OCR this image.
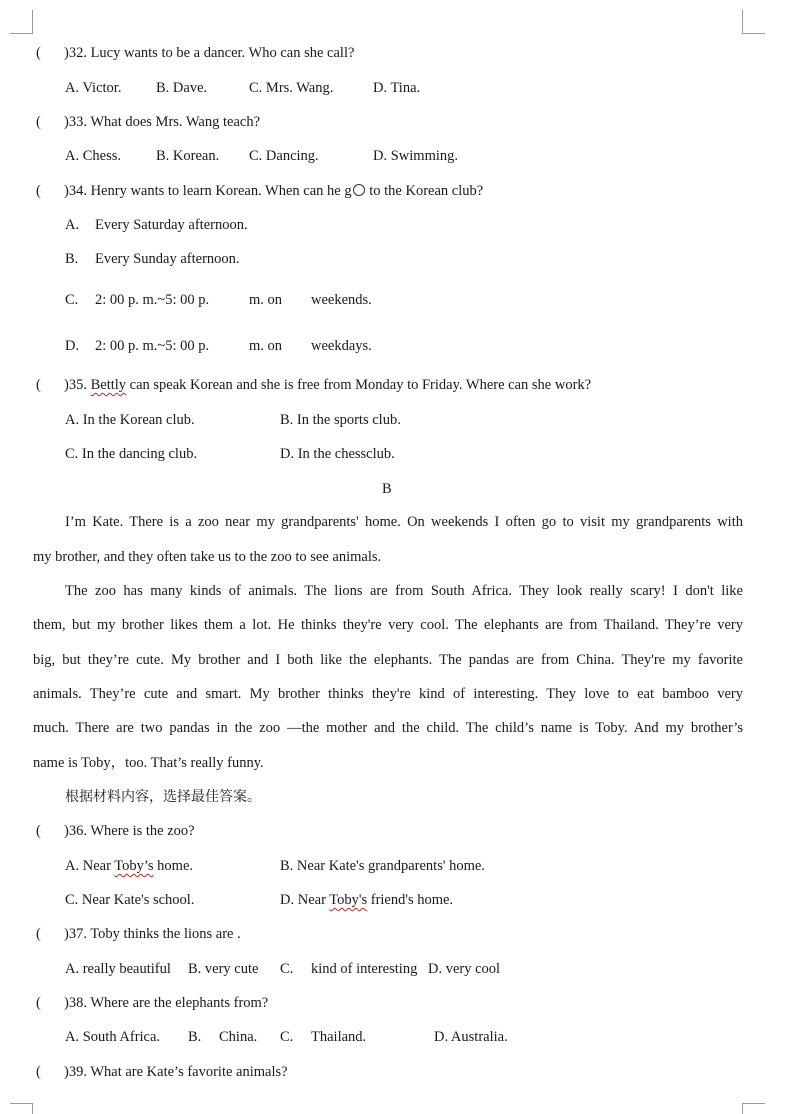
( )32. Lucy wants to be a dancer. Who can she call?
A. Victor. B. Dave.	C. Mrs. Wang.	D. Tina.
( )33. What does Mrs. Wang teach?
A. Chess. B. Korean. C. Dancing.	D. Swimming.
( )34. Henry wants to learn Korean. When can he g○ to the Korean club?
A. Every Saturday afternoon.
B. Every Sunday afternoon.
C. 2: 00 p. m.~5: 00 p.	m. on weekends.
D. 2: 00 p. m.~5: 00 p.	m. on weekdays.
( )35. Bettly can speak Korean and she is free from Monday to Friday. Where can she work?
A. In the Korean club.	B. In the sports club.
C. In the dancing club.	D. In the chessclub.
B
I’m Kate. There is a zoo near my grandparents' home. On weekends I often go to visit my grandparents with
my brother, and they often take us to the zoo to see animals.
The zoo has many kinds of animals. The lions are from South Africa. They look really scary! I don't like
them, but my brother likes them a lot. He thinks they're very cool. The elephants are from Thailand. They’re very
big, but they’re cute. My brother and I both like the elephants. The pandas are from China. They're my favorite
animals. They’re cute and smart. My brother thinks they're kind of interesting. They love to eat bamboo very
much. There are two pandas in the zoo —the mother and the child. The child’s name is Toby. And my brother’s
name is Toby，too. That’s really funny.
根据材料内容，选择最佳答案。
( )36. Where is the zoo?
A. Near Toby’s home.	B. Near Kate's grandparents' home.
C. Near Kate's school.	D. Near Toby's friend's home.
( )37. Toby thinks the lions are .
A. really beautiful B. very cute C. kind of interesting D. very cool
( )38. Where are the elephants from?
A. South Africa. B. China. C. Thailand.	D. Australia.
( )39. What are Kate’s favorite animals?
